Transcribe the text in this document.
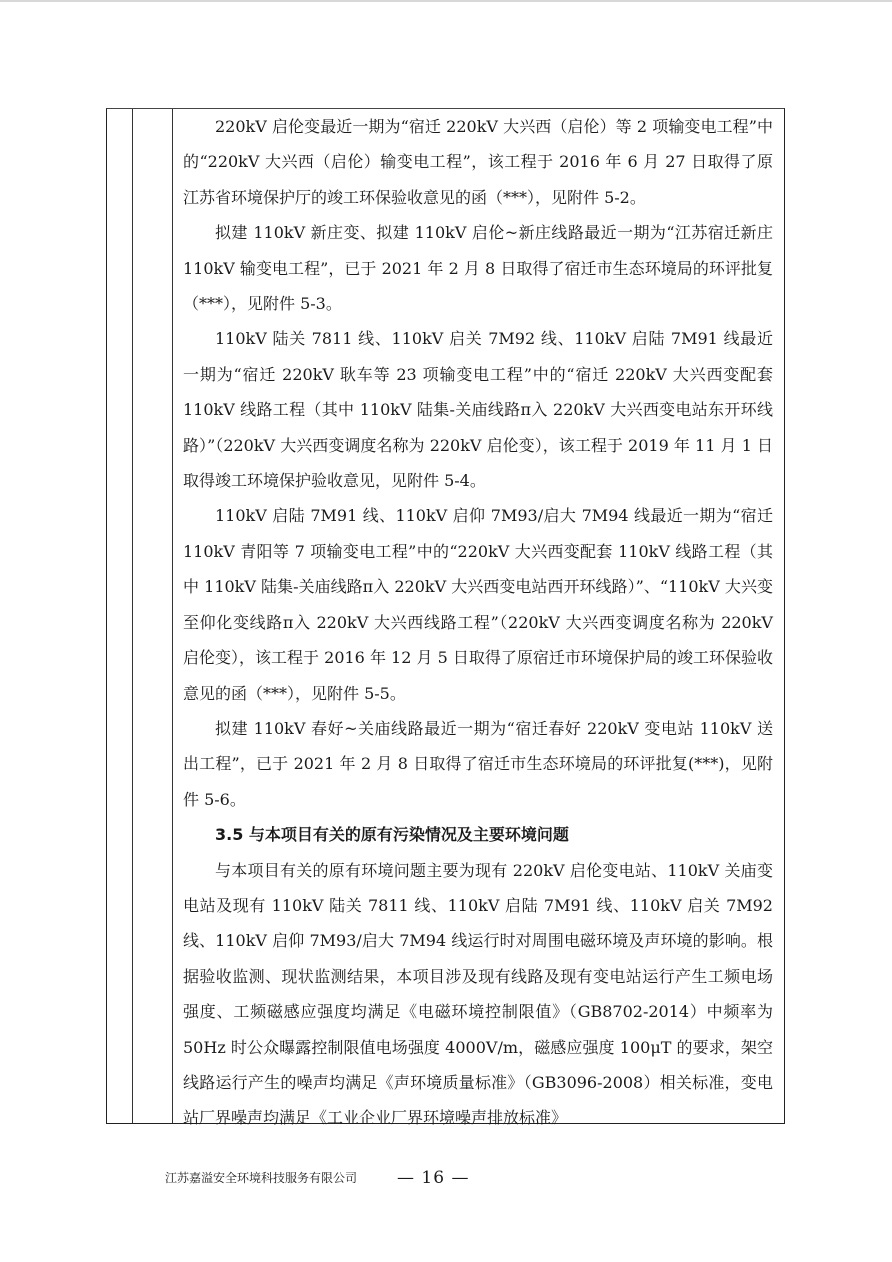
220kV 启伦变最近一期为“宿迁 220kV 大兴西（启伦）等 2 项输变电工程”中的“220kV 大兴西（启伦）输变电工程”，该工程于 2016 年 6 月 27 日取得了原江苏省环境保护厅的竣工环保验收意见的函（***），见附件 5-2。

拟建 110kV 新庄变、拟建 110kV 启伦~新庄线路最近一期为“江苏宿迁新庄 110kV 输变电工程”，已于 2021 年 2 月 8 日取得了宿迁市生态环境局的环评批复（***），见附件 5-3。

110kV 陆关 7811 线、110kV 启关 7M92 线、110kV 启陆 7M91 线最近一期为“宿迁 220kV 耿车等 23 项输变电工程”中的“宿迁 220kV 大兴西变配套 110kV 线路工程（其中 110kV 陆集-关庙线路π入 220kV 大兴西变电站东开环线路）”（220kV 大兴西变调度名称为 220kV 启伦变），该工程于 2019 年 11 月 1 日取得竣工环境保护验收意见，见附件 5-4。

110kV 启陆 7M91 线、110kV 启仰 7M93/启大 7M94 线最近一期为“宿迁 110kV 青阳等 7 项输变电工程”中的“220kV 大兴西变配套 110kV 线路工程（其中 110kV 陆集-关庙线路π入 220kV 大兴西变电站西开环线路）”、“110kV 大兴变至仰化变线路π入 220kV 大兴西线路工程”（220kV 大兴西变调度名称为 220kV 启伦变），该工程于 2016 年 12 月 5 日取得了原宿迁市环境保护局的竣工环保验收意见的函（***），见附件 5-5。

拟建 110kV 春好~关庙线路最近一期为“宿迁春好 220kV 变电站 110kV 送出工程”，已于 2021 年 2 月 8 日取得了宿迁市生态环境局的环评批复(***)，见附件 5-6。

3.5 与本项目有关的原有污染情况及主要环境问题

与本项目有关的原有环境问题主要为现有 220kV 启伦变电站、110kV 关庙变电站及现有 110kV 陆关 7811 线、110kV 启陆 7M91 线、110kV 启关 7M92 线、110kV 启仰 7M93/启大 7M94 线运行时对周围电磁环境及声环境的影响。根据验收监测、现状监测结果，本项目涉及现有线路及现有变电站运行产生工频电场强度、工频磁感应强度均满足《电磁环境控制限值》（GB8702-2014）中频率为 50Hz 时公众曝露控制限值电场强度 4000V/m，磁感应强度 100μT 的要求，架空线路运行产生的噪声均满足《声环境质量标准》（GB3096-2008）相关标准，变电站厂界噪声均满足《工业企业厂界环境噪声排放标准》

江苏嘉溢安全环境科技服务有限公司 — 16 —
